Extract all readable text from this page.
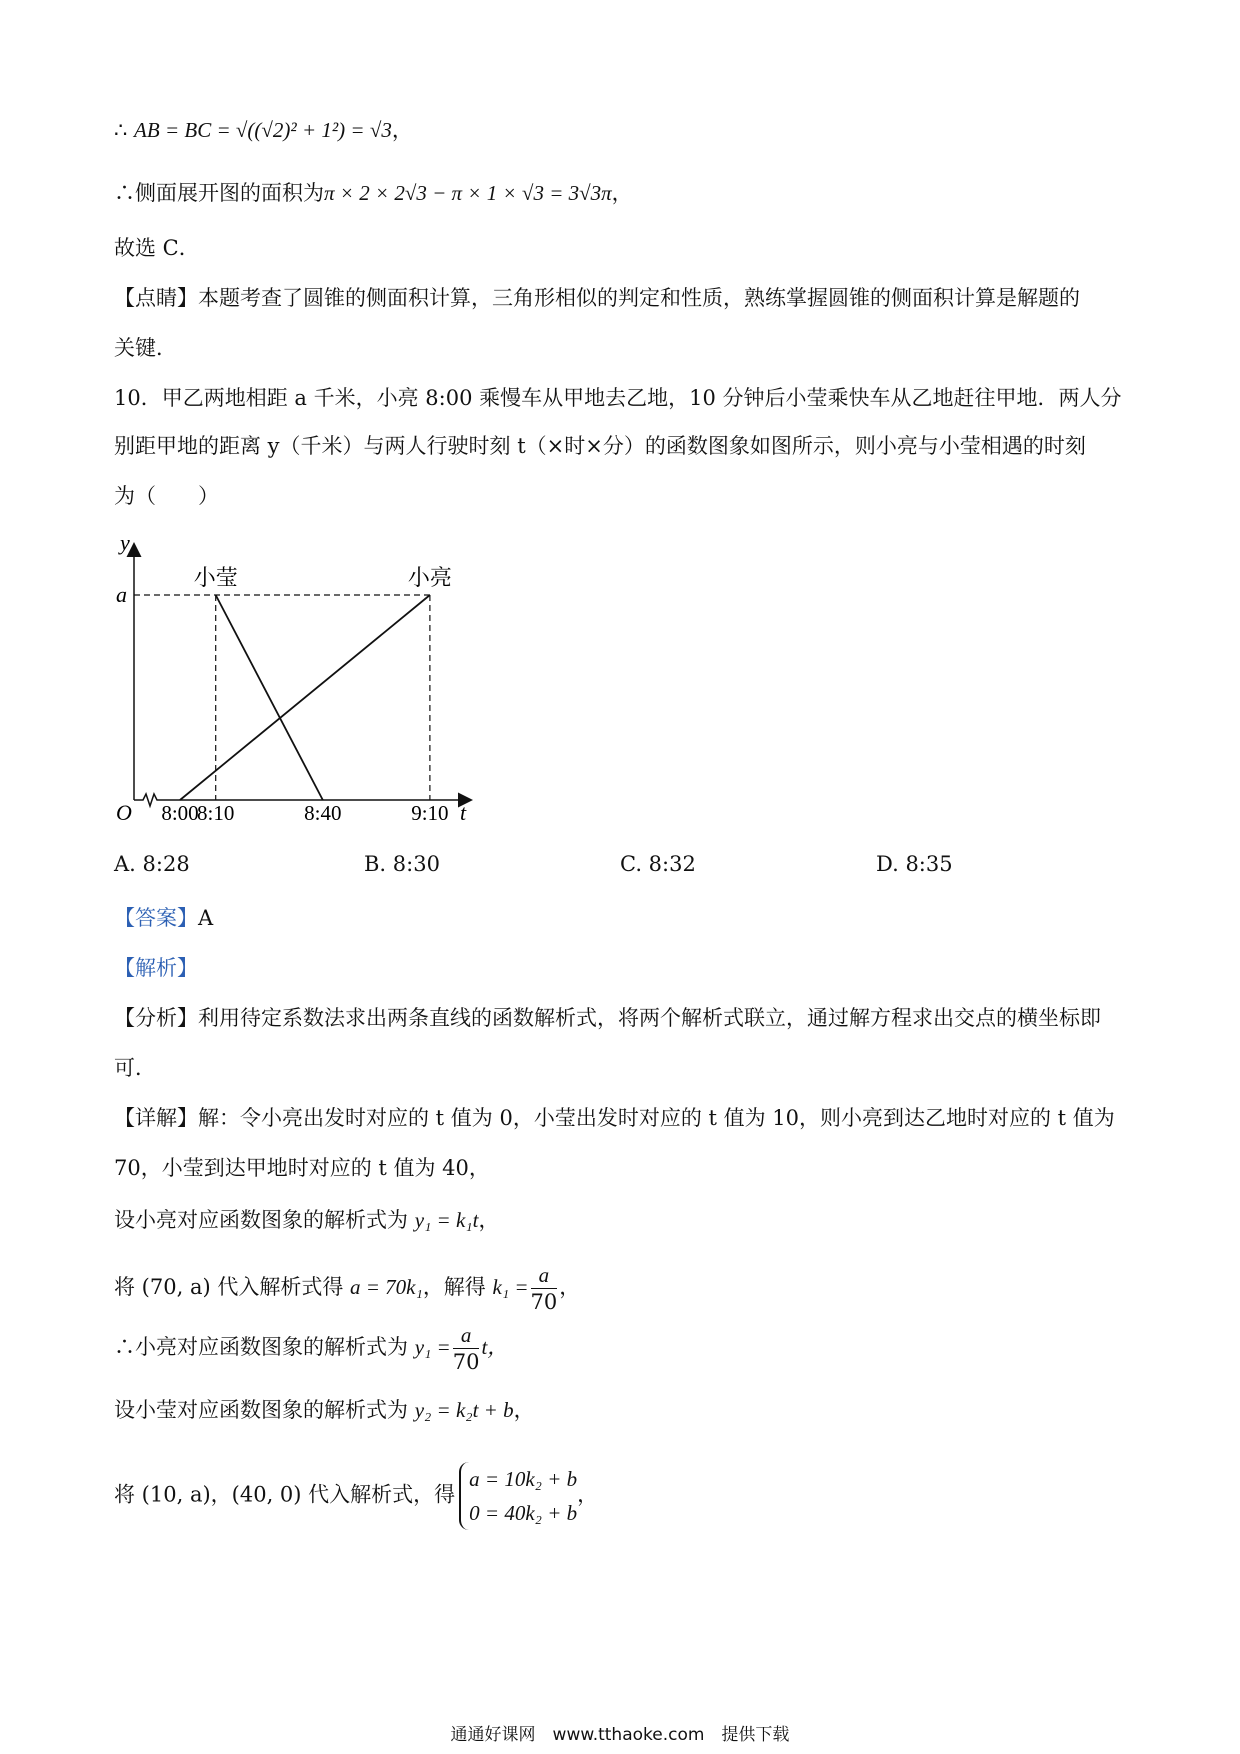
∴ AB = BC = √((√2)² + 1²) = √3，
∴侧面展开图的面积为π × 2 × 2√3 − π × 1 × √3 = 3√3π，
故选 C．
【点睛】本题考查了圆锥的侧面积计算，三角形相似的判定和性质，熟练掌握圆锥的侧面积计算是解题的
关键．
10．甲乙两地相距 a 千米，小亮 8:00 乘慢车从甲地去乙地，10 分钟后小莹乘快车从乙地赶往甲地．两人分
别距甲地的距离 y（千米）与两人行驶时刻 t（×时×分）的函数图象如图所示，则小亮与小莹相遇的时刻
为（　　）
小莹	小亮
8:00
8:10	8:40	9:10
a
O
y
t
A. 8:28	B. 8:30	C. 8:32	D. 8:35
【答案】A
【解析】
【分析】利用待定系数法求出两条直线的函数解析式，将两个解析式联立，通过解方程求出交点的横坐标即
可．
【详解】解：令小亮出发时对应的 t 值为 0，小莹出发时对应的 t 值为 10，则小亮到达乙地时对应的 t 值为
70，小莹到达甲地时对应的 t 值为 40，
设小亮对应函数图象的解析式为 y₁ = k₁t，
将 (70, a) 代入解析式得 a = 70k₁，解得 $k_1 = \frac{a}{70}$ ，
∴小亮对应函数图象的解析式为 $y_1 = \frac{a}{70}$ t，
设小莹对应函数图象的解析式为 y₂ = k₂t + b，
将 (10, a)，(40, 0) 代入解析式，得
a = 10k₂ + b
0 = 40k₂ + b
，
通通好课网　www.tthaoke.com　提供下载
